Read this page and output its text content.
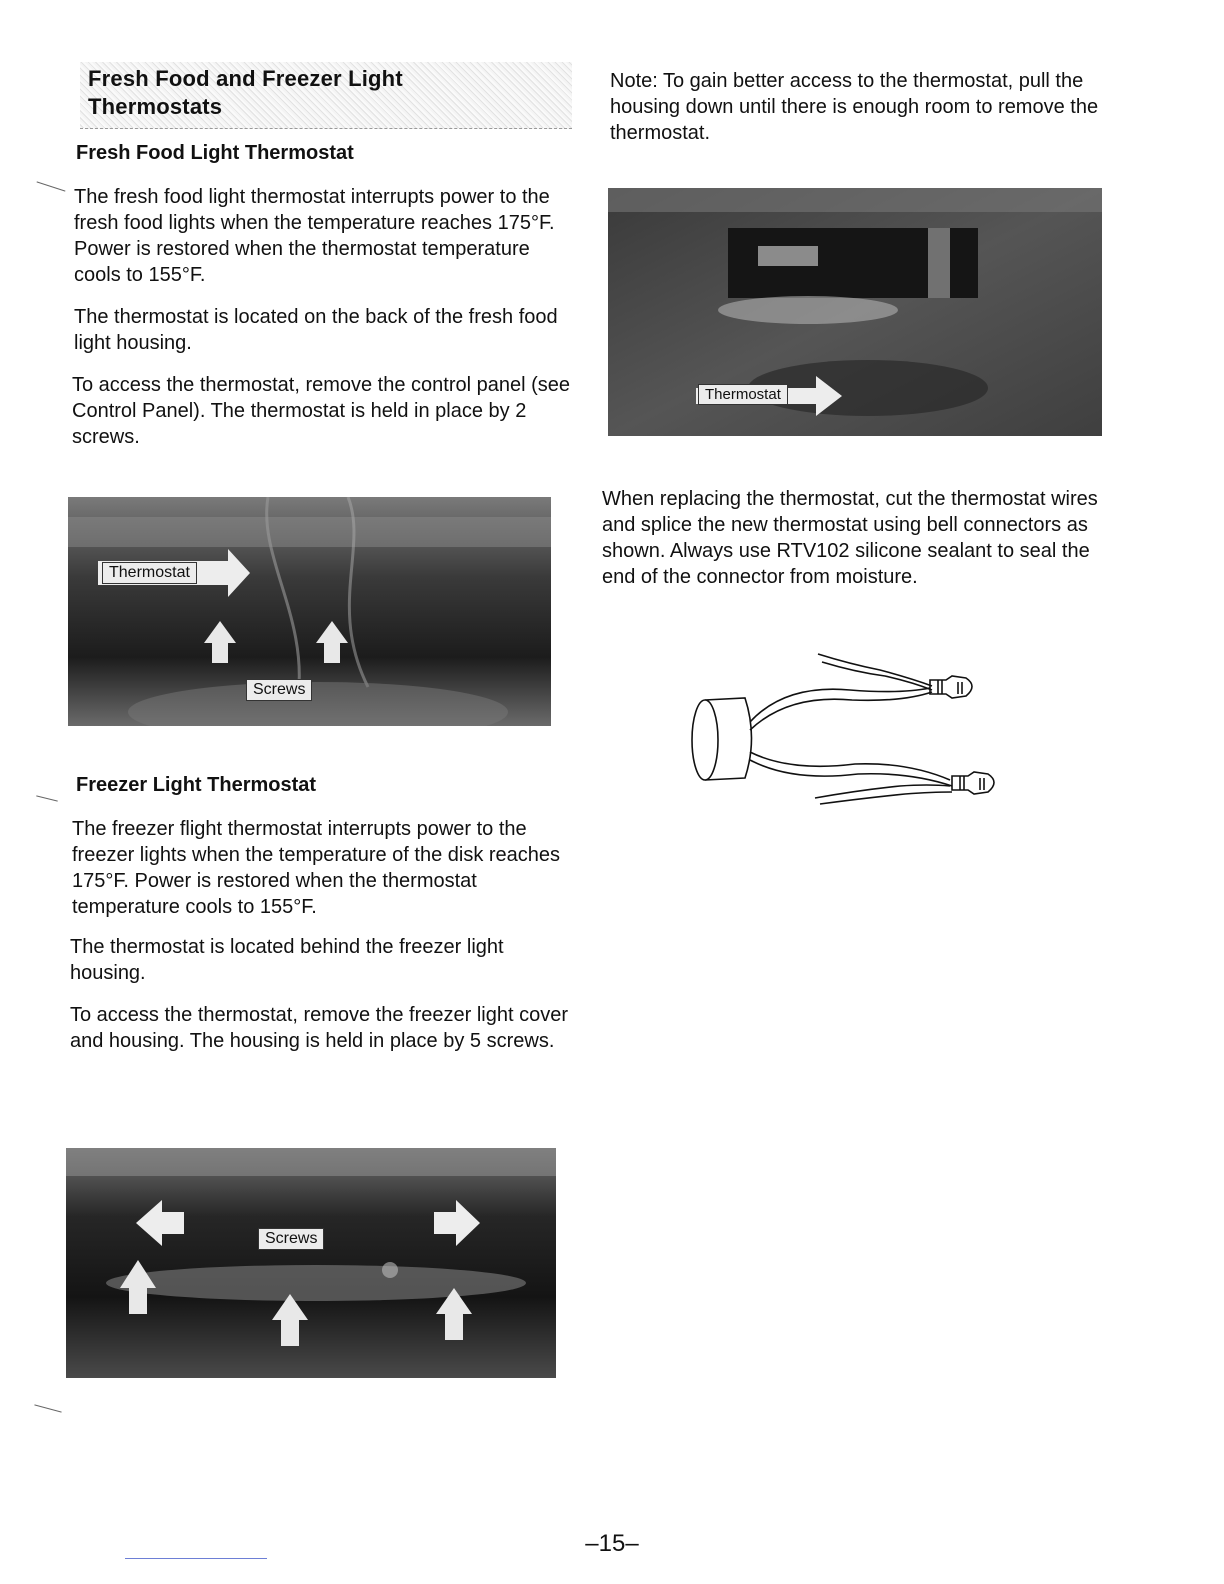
Fresh Food and Freezer Light
Thermostats
Fresh Food Light Thermostat
The fresh food light thermostat interrupts power to the fresh food lights when the temperature reaches 175°F. Power is restored when the thermostat temperature cools to 155°F.
The thermostat is located on the back of the fresh food light housing.
To access the thermostat, remove the control panel (see Control Panel). The thermostat is held in place by 2 screws.
Thermostat
Screws
Freezer Light Thermostat
The freezer flight thermostat interrupts power to the freezer lights when the temperature of the disk reaches 175°F. Power is restored when the thermostat temperature cools to 155°F.
The thermostat is located behind the freezer light housing.
To access the thermostat, remove the freezer light cover and housing. The housing is held in place by 5 screws.
Screws
Note: To gain better access to the thermostat, pull the housing down until there is enough room to remove the thermostat.
Thermostat
When replacing the thermostat, cut the thermostat wires and splice the new thermostat using bell connectors as shown. Always use RTV102 silicone sealant to seal the end of the connector from moisture.
–15–
